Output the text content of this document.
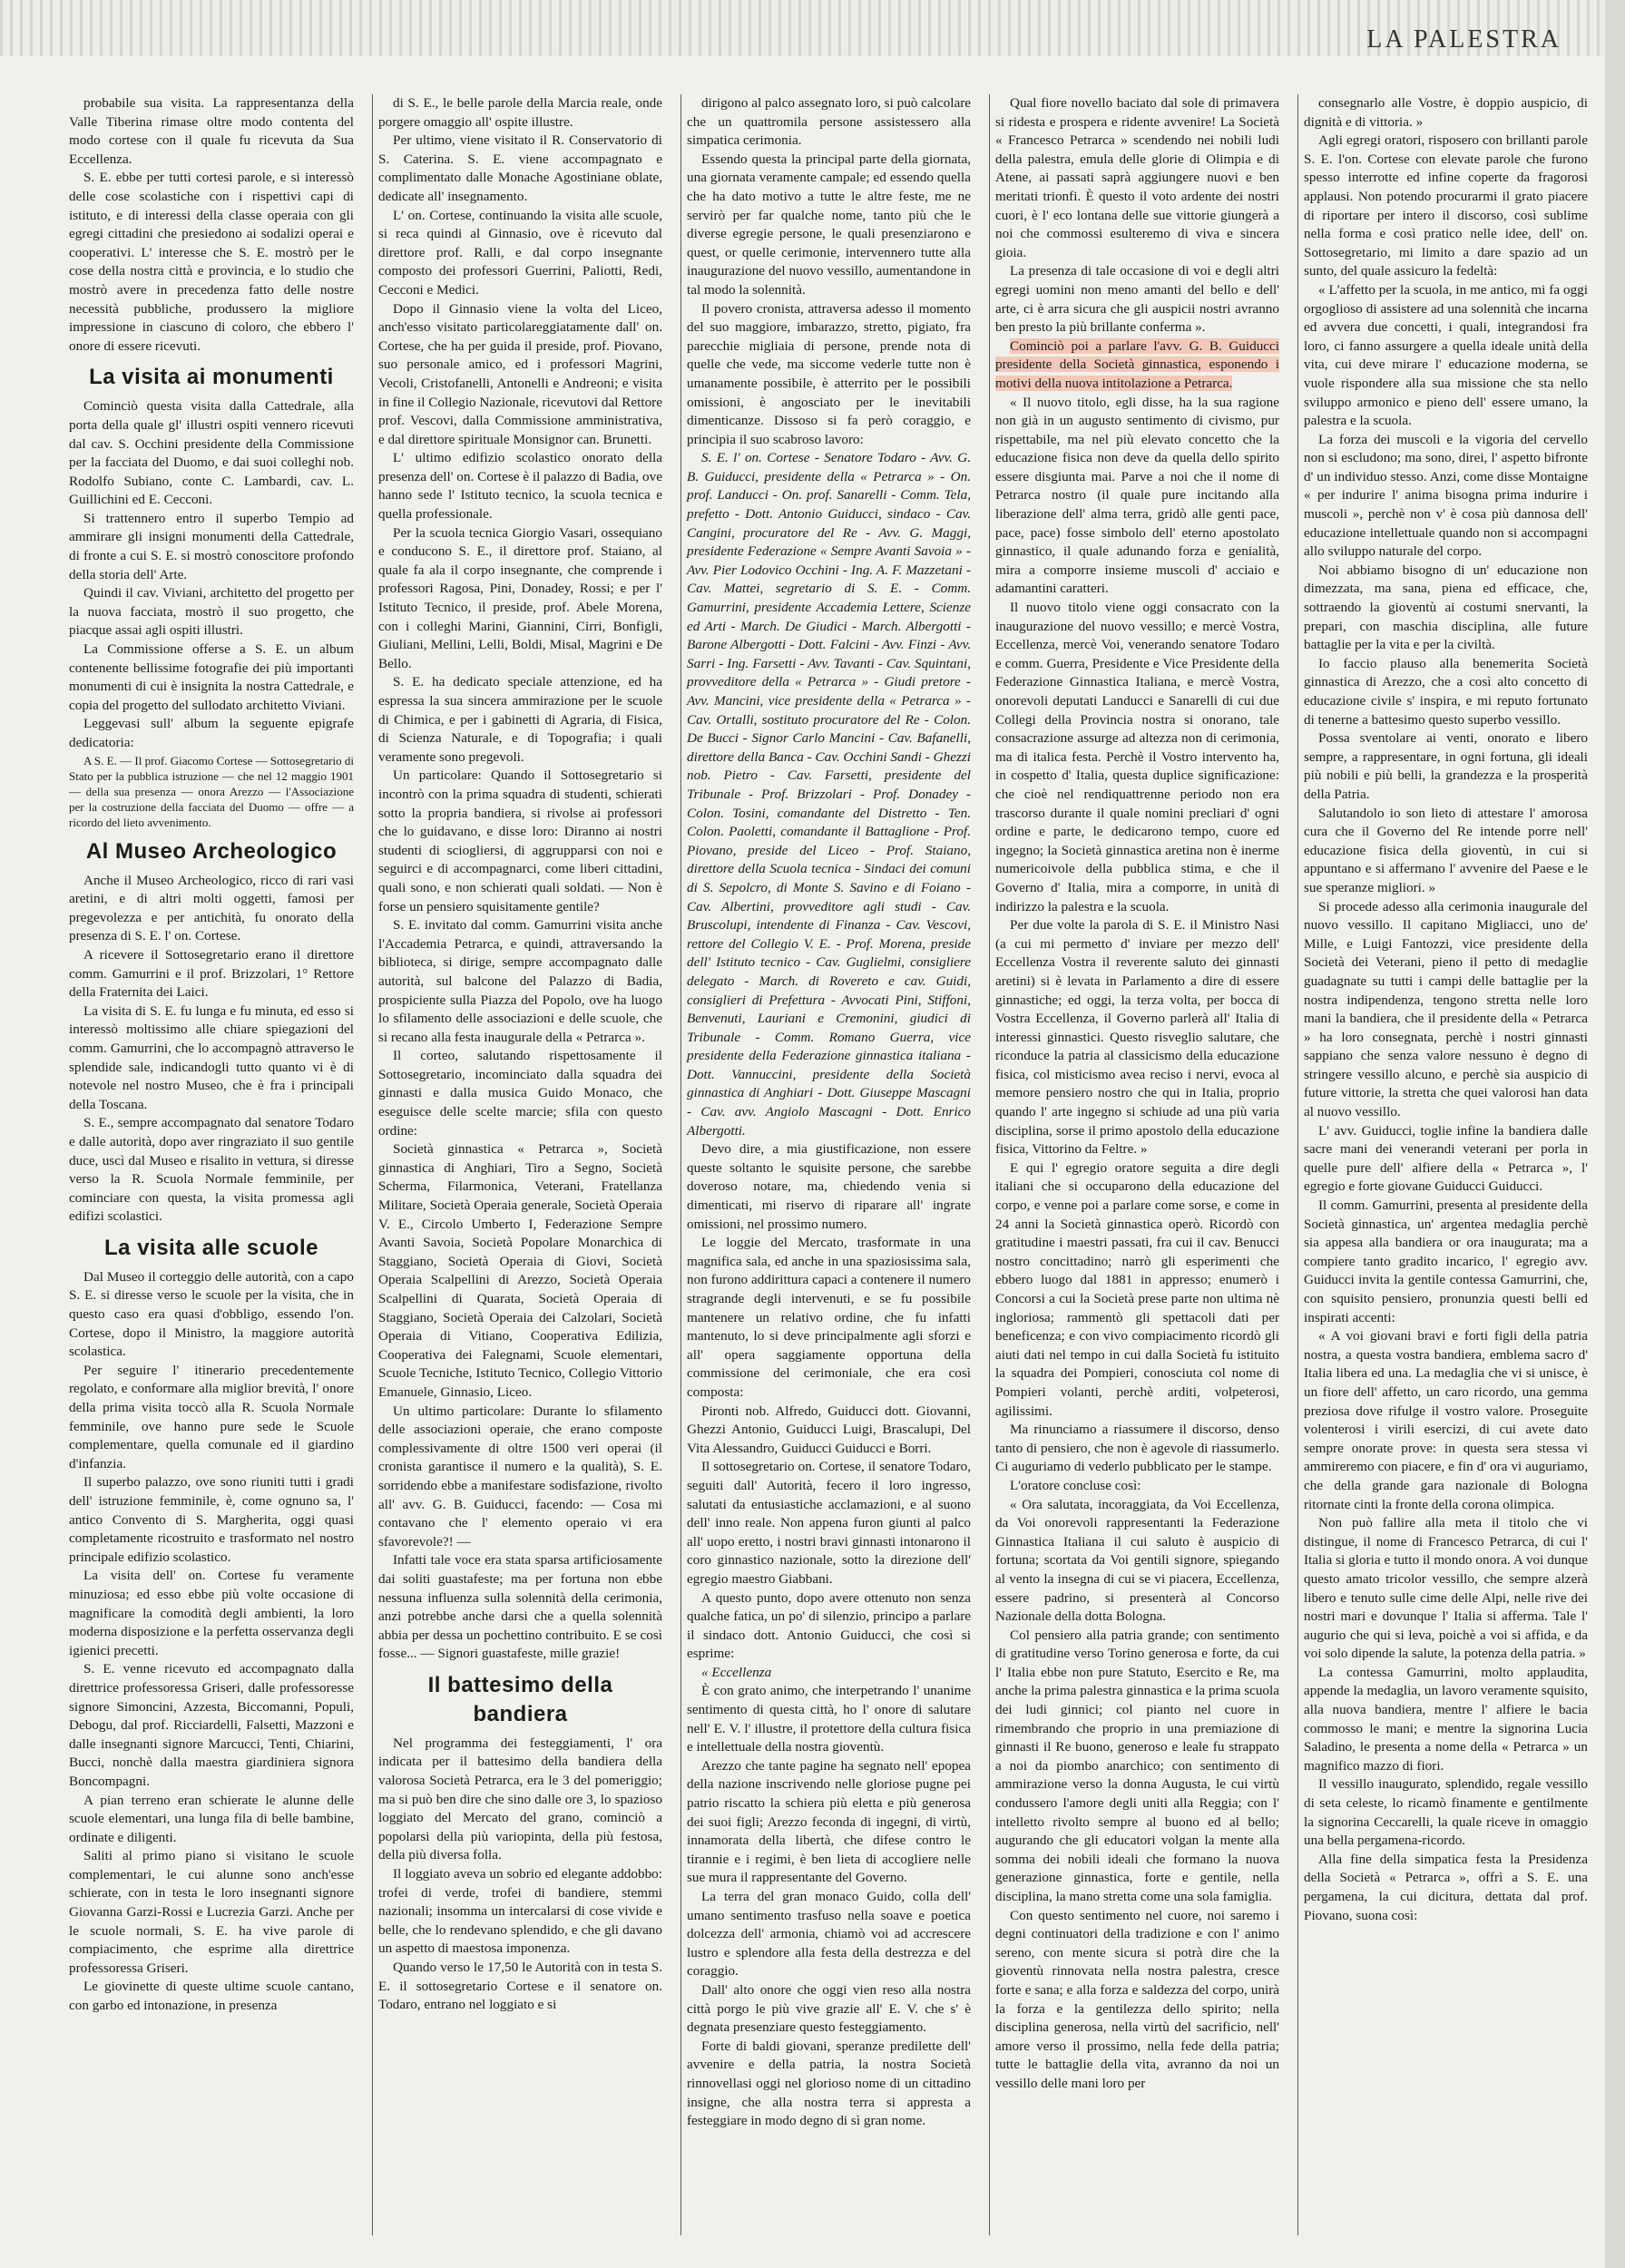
LA PALESTRA

probabile sua visita. La rappresentanza della Valle Tiberina rimase oltre modo contenta del modo cortese con il quale fu ricevuta da Sua Eccellenza.

S. E. ebbe per tutti cortesi parole, e si interessò delle cose scolastiche con i rispettivi capi di istituto, e di interessi della classe operaia con gli egregi cittadini che presiedono ai sodalizi operai e cooperativi. L' interesse che S. E. mostrò per le cose della nostra città e provincia, e lo studio che mostrò avere in precedenza fatto delle nostre necessità pubbliche, produssero la migliore impressione in ciascuno di coloro, che ebbero l' onore di essere ricevuti.

La visita ai monumenti

Cominciò questa visita dalla Cattedrale, alla porta della quale gl' illustri ospiti vennero ricevuti dal cav. S. Occhini presidente della Commissione per la facciata del Duomo, e dai suoi colleghi nob. Rodolfo Subiano, conte C. Lambardi, cav. L. Guillichini ed E. Cecconi.

Si trattennero entro il superbo Tempio ad ammirare gli insigni monumenti della Cattedrale, di fronte a cui S. E. si mostrò conoscitore profondo della storia dell' Arte.

Quindi il cav. Viviani, architetto del progetto per la nuova facciata, mostrò il suo progetto, che piacque assai agli ospiti illustri.

La Commissione offerse a S. E. un album contenente bellissime fotografie dei più importanti monumenti di cui è insignita la nostra Cattedrale, e copia del progetto del sullodato architetto Viviani.

Leggevasi sull' album la seguente epigrafe dedicatoria:

A S. E. — Il prof. Giacomo Cortese — Sottosegretario di Stato per la pubblica istruzione — che nel 12 maggio 1901 — della sua presenza — onora Arezzo — l'Associazione per la costruzione della facciata del Duomo — offre — a ricordo del lieto avvenimento.

Al Museo Archeologico

Anche il Museo Archeologico, ricco di rari vasi aretini, e di altri molti oggetti, famosi per pregevolezza e per antichità, fu onorato della presenza di S. E. l' on. Cortese.

A ricevere il Sottosegretario erano il direttore comm. Gamurrini e il prof. Brizzolari, 1° Rettore della Fraternita dei Laici.

La visita di S. E. fu lunga e fu minuta, ed esso si interessò moltissimo alle chiare spiegazioni del comm. Gamurrini, che lo accompagnò attraverso le splendide sale, indicandogli tutto quanto vi è di notevole nel nostro Museo, che è fra i principali della Toscana.

S. E., sempre accompagnato dal senatore Todaro e dalle autorità, dopo aver ringraziato il suo gentile duce, uscì dal Museo e risalito in vettura, si diresse verso la R. Scuola Normale femminile, per cominciare con questa, la visita promessa agli edifizi scolastici.

La visita alle scuole

Dal Museo il corteggio delle autorità, con a capo S. E. si diresse verso le scuole per la visita, che in questo caso era quasi d'obbligo, essendo l'on. Cortese, dopo il Ministro, la maggiore autorità scolastica.

Per seguire l' itinerario precedentemente regolato, e conformare alla miglior brevità, l' onore della prima visita toccò alla R. Scuola Normale femminile, ove hanno pure sede le Scuole complementare, quella comunale ed il giardino d'infanzia.

Il superbo palazzo, ove sono riuniti tutti i gradi dell' istruzione femminile, è, come ognuno sa, l' antico Convento di S. Margherita, oggi quasi completamente ricostruito e trasformato nel nostro principale edifizio scolastico.

La visita dell' on. Cortese fu veramente minuziosa; ed esso ebbe più volte occasione di magnificare la comodità degli ambienti, la loro moderna disposizione e la perfetta osservanza degli igienici precetti.

S. E. venne ricevuto ed accompagnato dalla direttrice professoressa Griseri, dalle professoresse signore Simoncini, Azzesta, Biccomanni, Populi, Debogu, dal prof. Ricciardelli, Falsetti, Mazzoni e dalle insegnanti signore Marcucci, Tenti, Chiarini, Bucci, nonchè dalla maestra giardiniera signora Boncompagni.

A pian terreno eran schierate le alunne delle scuole elementari, una lunga fila di belle bambine, ordinate e diligenti.

Saliti al primo piano si visitano le scuole complementari, le cui alunne sono anch'esse schierate, con in testa le loro insegnanti signore Giovanna Garzi-Rossi e Lucrezia Garzi. Anche per le scuole normali, S. E. ha vive parole di compiacimento, che esprime alla direttrice professoressa Griseri.

Le giovinette di queste ultime scuole cantano, con garbo ed intonazione, in presenza

di S. E., le belle parole della Marcia reale, onde porgere omaggio all' ospite illustre.

Per ultimo, viene visitato il R. Conservatorio di S. Caterina. S. E. viene accompagnato e complimentato dalle Monache Agostiniane oblate, dedicate all' insegnamento.

L' on. Cortese, continuando la visita alle scuole, si reca quindi al Ginnasio, ove è ricevuto dal direttore prof. Ralli, e dal corpo insegnante composto dei professori Guerrini, Paliotti, Redi, Cecconi e Medici.

Dopo il Ginnasio viene la volta del Liceo, anch'esso visitato particolareggiatamente dall' on. Cortese, che ha per guida il preside, prof. Piovano, suo personale amico, ed i professori Magrini, Vecoli, Cristofanelli, Antonelli e Andreoni; e visita in fine il Collegio Nazionale, ricevutovi dal Rettore prof. Vescovi, dalla Commissione amministrativa, e dal direttore spirituale Monsignor can. Brunetti.

L' ultimo edifizio scolastico onorato della presenza dell' on. Cortese è il palazzo di Badia, ove hanno sede l' Istituto tecnico, la scuola tecnica e quella professionale.

Per la scuola tecnica Giorgio Vasari, ossequiano e conducono S. E., il direttore prof. Staiano, al quale fa ala il corpo insegnante, che comprende i professori Ragosa, Pini, Donadey, Rossi; e per l' Istituto Tecnico, il preside, prof. Abele Morena, con i colleghi Marini, Giannini, Cirri, Bonfigli, Giuliani, Mellini, Lelli, Boldi, Misal, Magrini e De Bello.

S. E. ha dedicato speciale attenzione, ed ha espressa la sua sincera ammirazione per le scuole di Chimica, e per i gabinetti di Agraria, di Fisica, di Scienza Naturale, e di Topografia; i quali veramente sono pregevoli.

Un particolare: Quando il Sottosegretario si incontrò con la prima squadra di studenti, schierati sotto la propria bandiera, si rivolse ai professori che lo guidavano, e disse loro: Diranno ai nostri studenti di sciogliersi, di aggrupparsi con noi e seguirci e di accompagnarci, come liberi cittadini, quali sono, e non schierati quali soldati. — Non è forse un pensiero squisitamente gentile?

S. E. invitato dal comm. Gamurrini visita anche l'Accademia Petrarca, e quindi, attraversando la biblioteca, si dirige, sempre accompagnato dalle autorità, sul balcone del Palazzo di Badia, prospiciente sulla Piazza del Popolo, ove ha luogo lo sfilamento delle associazioni e delle scuole, che si recano alla festa inaugurale della « Petrarca ».

Il corteo, salutando rispettosamente il Sottosegretario, incominciato dalla squadra dei ginnasti e dalla musica Guido Monaco, che eseguisce delle scelte marcie; sfila con questo ordine:

Società ginnastica « Petrarca », Società ginnastica di Anghiari, Tiro a Segno, Società Scherma, Filarmonica, Veterani, Fratellanza Militare, Società Operaia generale, Società Operaia V. E., Circolo Umberto I, Federazione Sempre Avanti Savoia, Società Popolare Monarchica di Staggiano, Società Operaia di Giovi, Società Operaia Scalpellini di Arezzo, Società Operaia Scalpellini di Quarata, Società Operaia di Staggiano, Società Operaia dei Calzolari, Società Operaia di Vitiano, Cooperativa Edilizia, Cooperativa dei Falegnami, Scuole elementari, Scuole Tecniche, Istituto Tecnico, Collegio Vittorio Emanuele, Ginnasio, Liceo.

Un ultimo particolare: Durante lo sfilamento delle associazioni operaie, che erano composte complessivamente di oltre 1500 veri operai (il cronista garantisce il numero e la qualità), S. E. sorridendo ebbe a manifestare sodisfazione, rivolto all' avv. G. B. Guiducci, facendo: — Cosa mi contavano che l' elemento operaio vi era sfavorevole?! —

Infatti tale voce era stata sparsa artificiosamente dai soliti guastafeste; ma per fortuna non ebbe nessuna influenza sulla solennità della cerimonia, anzi potrebbe anche darsi che a quella solennità abbia per dessa un pochettino contribuito. E se così fosse... — Signori guastafeste, mille grazie!

Il battesimo della bandiera

Nel programma dei festeggiamenti, l' ora indicata per il battesimo della bandiera della valorosa Società Petrarca, era le 3 del pomeriggio; ma si può ben dire che sino dalle ore 3, lo spazioso loggiato del Mercato del grano, cominciò a popolarsi della più variopinta, della più festosa, della più diversa folla.

Il loggiato aveva un sobrio ed elegante addobbo: trofei di verde, trofei di bandiere, stemmi nazionali; insomma un intercalarsi di cose vivide e belle, che lo rendevano splendido, e che gli davano un aspetto di maestosa imponenza.

Quando verso le 17,50 le Autorità con in testa S. E. il sottosegretario Cortese e il senatore on. Todaro, entrano nel loggiato e si

dirigono al palco assegnato loro, si può calcolare che un quattromila persone assistessero alla simpatica cerimonia.

Essendo questa la principal parte della giornata, una giornata veramente campale; ed essendo quella che ha dato motivo a tutte le altre feste, me ne servirò per far qualche nome, tanto più che le diverse egregie persone, le quali presenziarono e quest, or quelle cerimonie, intervennero tutte alla inaugurazione del nuovo vessillo, aumentandone in tal modo la solennità.

Il povero cronista, attraversa adesso il momento del suo maggiore, imbarazzo, stretto, pigiato, fra parecchie migliaia di persone, prende nota di quelle che vede, ma siccome vederle tutte non è umanamente possibile, è atterrito per le possibili omissioni, è angosciato per le inevitabili dimenticanze. Dissoso si fa però coraggio, e principia il suo scabroso lavoro:

S. E. l' on. Cortese - Senatore Todaro - Avv. G. B. Guiducci, presidente della « Petrarca » - On. prof. Landucci - On. prof. Sanarelli - Comm. Tela, prefetto - Dott. Antonio Guiducci, sindaco - Cav. Cangini, procuratore del Re - Avv. G. Maggi, presidente Federazione « Sempre Avanti Savoia » - Avv. Pier Lodovico Occhini - Ing. A. F. Mazzetani - Cav. Mattei, segretario di S. E. - Comm. Gamurrini, presidente Accademia Lettere, Scienze ed Arti - March. De Giudici - March. Albergotti - Barone Albergotti - Dott. Falcini - Avv. Finzi - Avv. Sarri - Ing. Farsetti - Avv. Tavanti - Cav. Squintani, provveditore della « Petrarca » - Giudi pretore - Avv. Mancini, vice presidente della « Petrarca » - Cav. Ortalli, sostituto procuratore del Re - Colon. De Bucci - Signor Carlo Mancini - Cav. Bafanelli, direttore della Banca - Cav. Occhini Sandi - Ghezzi nob. Pietro - Cav. Farsetti, presidente del Tribunale - Prof. Brizzolari - Prof. Donadey - Colon. Tosini, comandante del Distretto - Ten. Colon. Paoletti, comandante il Battaglione - Prof. Piovano, preside del Liceo - Prof. Staiano, direttore della Scuola tecnica - Sindaci dei comuni di S. Sepolcro, di Monte S. Savino e di Foiano - Cav. Albertini, provveditore agli studi - Cav. Bruscolupi, intendente di Finanza - Cav. Vescovi, rettore del Collegio V. E. - Prof. Morena, preside dell' Istituto tecnico - Cav. Guglielmi, consigliere delegato - March. di Rovereto e cav. Guidi, consiglieri di Prefettura - Avvocati Pini, Stiffoni, Benvenuti, Lauriani e Cremonini, giudici di Tribunale - Comm. Romano Guerra, vice presidente della Federazione ginnastica italiana - Dott. Vannuccini, presidente della Società ginnastica di Anghiari - Dott. Giuseppe Mascagni - Cav. avv. Angiolo Mascagni - Dott. Enrico Albergotti.

Devo dire, a mia giustificazione, non essere queste soltanto le squisite persone, che sarebbe doveroso notare, ma, chiedendo venia si dimenticati, mi riservo di riparare all' ingrate omissioni, nel prossimo numero.

Le loggie del Mercato, trasformate in una magnifica sala, ed anche in una spaziosissima sala, non furono addirittura capaci a contenere il numero stragrande degli intervenuti, e se fu possibile mantenere un relativo ordine, che fu infatti mantenuto, lo si deve principalmente agli sforzi e all' opera saggiamente opportuna della commissione del cerimoniale, che era così composta:

Pironti nob. Alfredo, Guiducci dott. Giovanni, Ghezzi Antonio, Guiducci Luigi, Brascalupi, Del Vita Alessandro, Guiducci Guiducci e Borri.

Il sottosegretario on. Cortese, il senatore Todaro, seguiti dall' Autorità, fecero il loro ingresso, salutati da entusiastiche acclamazioni, e al suono dell' inno reale. Non appena furon giunti al palco all' uopo eretto, i nostri bravi ginnasti intonarono il coro ginnastico nazionale, sotto la direzione dell' egregio maestro Giabbani.

A questo punto, dopo avere ottenuto non senza qualche fatica, un po' di silenzio, principo a parlare il sindaco dott. Antonio Guiducci, che così si esprime:

« Eccellenza

È con grato animo, che interpetrando l' unanime sentimento di questa città, ho l' onore di salutare nell' E. V. l' illustre, il protettore della cultura fisica e intellettuale della nostra gioventù.

Arezzo che tante pagine ha segnato nell' epopea della nazione inscrivendo nelle gloriose pugne pei patrio riscatto la schiera più eletta e più generosa dei suoi figli; Arezzo feconda di ingegni, di virtù, innamorata della libertà, che difese contro le tirannie e i regimi, è ben lieta di accogliere nelle sue mura il rappresentante del Governo.

La terra del gran monaco Guido, colla dell' umano sentimento trasfuso nella soave e poetica dolcezza dell' armonia, chiamò voi ad accrescere lustro e splendore alla festa della destrezza e del coraggio.

Dall' alto onore che oggi vien reso alla nostra città porgo le più vive grazie all' E. V. che s' è degnata presenziare questo festeggiamento.

Forte di baldi giovani, speranze predilette dell' avvenire e della patria, la nostra Società rinnovellasi oggi nel glorioso nome di un cittadino insigne, che alla nostra terra si appresta a festeggiare in modo degno di sì gran nome.

Qual fiore novello baciato dal sole di primavera si ridesta e prospera e ridente avvenire! La Società « Francesco Petrarca » scendendo nei nobili ludi della palestra, emula delle glorie di Olimpia e di Atene, ai passati saprà aggiungere nuovi e ben meritati trionfi. È questo il voto ardente dei nostri cuori, è l' eco lontana delle sue vittorie giungerà a noi che commossi esulteremo di viva e sincera gioia.

La presenza di tale occasione di voi e degli altri egregi uomini non meno amanti del bello e dell' arte, ci è arra sicura che gli auspicii nostri avranno ben presto la più brillante conferma ».

Cominciò poi a parlare l'avv. G. B. Guiducci presidente della Società ginnastica, esponendo i motivi della nuova intitolazione a Petrarca.

« Il nuovo titolo, egli disse, ha la sua ragione non già in un augusto sentimento di civismo, pur rispettabile, ma nel più elevato concetto che la educazione fisica non deve da quella dello spirito essere disgiunta mai. Parve a noi che il nome di Petrarca nostro (il quale pure incitando alla liberazione dell' alma terra, gridò alle genti pace, pace, pace) fosse simbolo dell' eterno apostolato ginnastico, il quale adunando forza e genialità, mira a comporre insieme muscoli d' acciaio e adamantini caratteri.

Il nuovo titolo viene oggi consacrato con la inaugurazione del nuovo vessillo; e mercè Vostra, Eccellenza, mercè Voi, venerando senatore Todaro e comm. Guerra, Presidente e Vice Presidente della Federazione Ginnastica Italiana, e mercè Vostra, onorevoli deputati Landucci e Sanarelli di cui due Collegi della Provincia nostra si onorano, tale consacrazione assurge ad altezza non di cerimonia, ma di italica festa. Perchè il Vostro intervento ha, in cospetto d' Italia, questa duplice significazione: che cioè nel rendiquattrenne periodo non era trascorso durante il quale nomini precliari d' ogni ordine e parte, le dedicarono tempo, cuore ed ingegno; la Società ginnastica aretina non è inerme numericoivole della pubblica stima, e che il Governo d' Italia, mira a comporre, in unità di indirizzo la palestra e la scuola.

Per due volte la parola di S. E. il Ministro Nasi (a cui mi permetto d' inviare per mezzo dell' Eccellenza Vostra il reverente saluto dei ginnasti aretini) si è levata in Parlamento a dire di essere ginnastiche; ed oggi, la terza volta, per bocca di Vostra Eccellenza, il Governo parlerà all' Italia di interessi ginnastici. Questo risveglio salutare, che riconduce la patria al classicismo della educazione fisica, col misticismo avea reciso i nervi, evoca al memore pensiero nostro che qui in Italia, proprio quando l' arte ingegno si schiude ad una più varia disciplina, sorse il primo apostolo della educazione fisica, Vittorino da Feltre. »

E qui l' egregio oratore seguita a dire degli italiani che si occuparono della educazione del corpo, e venne poi a parlare come sorse, e come in 24 anni la Società ginnastica operò. Ricordò con gratitudine i maestri passati, fra cui il cav. Benucci nostro concittadino; narrò gli esperimenti che ebbero luogo dal 1881 in appresso; enumerò i Concorsi a cui la Società prese parte non ultima nè ingloriosa; rammentò gli spettacoli dati per beneficenza; e con vivo compiacimento ricordò gli aiuti dati nel tempo in cui dalla Società fu istituito la squadra dei Pompieri, conosciuta col nome di Pompieri volanti, perchè arditi, volpeterosi, agilissimi.

Ma rinunciamo a riassumere il discorso, denso tanto di pensiero, che non è agevole di riassumerlo. Ci auguriamo di vederlo pubblicato per le stampe.

L'oratore concluse così:

« Ora salutata, incoraggiata, da Voi Eccellenza, da Voi onorevoli rappresentanti la Federazione Ginnastica Italiana il cui saluto è auspicio di fortuna; scortata da Voi gentili signore, spiegando al vento la insegna di cui se vi piacera, Eccellenza, essere padrino, si presenterà al Concorso Nazionale della dotta Bologna.

Col pensiero alla patria grande; con sentimento di gratitudine verso Torino generosa e forte, da cui l' Italia ebbe non pure Statuto, Esercito e Re, ma anche la prima palestra ginnastica e la prima scuola dei ludi ginnici; col pianto nel cuore in rimembrando che proprio in una premiazione di ginnasti il Re buono, generoso e leale fu strappato a noi da piombo anarchico; con sentimento di ammirazione verso la donna Augusta, le cui virtù condussero l'amore degli uniti alla Reggia; con l' intelletto rivolto sempre al buono ed al bello; augurando che gli educatori volgan la mente alla somma dei nobili ideali che formano la nuova generazione ginnastica, forte e gentile, nella disciplina, la mano stretta come una sola famiglia.

Con questo sentimento nel cuore, noi saremo i degni continuatori della tradizione e con l' animo sereno, con mente sicura si potrà dire che la gioventù rinnovata nella nostra palestra, cresce forte e sana; e alla forza e saldezza del corpo, unirà la forza e la gentilezza dello spirito; nella disciplina generosa, nella virtù del sacrificio, nell' amore verso il prossimo, nella fede della patria; tutte le battaglie della vita, avranno da noi un vessillo delle mani loro per

consegnarlo alle Vostre, è doppio auspicio, di dignità e di vittoria. »

Agli egregi oratori, risposero con brillanti parole S. E. l'on. Cortese con elevate parole che furono spesso interrotte ed infine coperte da fragorosi applausi. Non potendo procurarmi il grato piacere di riportare per intero il discorso, così sublime nella forma e così pratico nelle idee, dell' on. Sottosegretario, mi limito a dare spazio ad un sunto, del quale assicuro la fedeltà:

« L'affetto per la scuola, in me antico, mi fa oggi orgoglioso di assistere ad una solennità che incarna ed avvera due concetti, i quali, integrandosi fra loro, ci fanno assurgere a quella ideale unità della vita, cui deve mirare l' educazione moderna, se vuole rispondere alla sua missione che sta nello sviluppo armonico e pieno dell' essere umano, la palestra e la scuola.

La forza dei muscoli e la vigoria del cervello non si escludono; ma sono, direi, l' aspetto bifronte d' un individuo stesso. Anzi, come disse Montaigne « per indurire l' anima bisogna prima indurire i muscoli », perchè non v' è cosa più dannosa dell' educazione intellettuale quando non si accompagni allo sviluppo naturale del corpo.

Noi abbiamo bisogno di un' educazione non dimezzata, ma sana, piena ed efficace, che, sottraendo la gioventù ai costumi snervanti, la prepari, con maschia disciplina, alle future battaglie per la vita e per la civiltà.

Io faccio plauso alla benemerita Società ginnastica di Arezzo, che a così alto concetto di educazione civile s' inspira, e mi reputo fortunato di tenerne a battesimo questo superbo vessillo.

Possa sventolare ai venti, onorato e libero sempre, a rappresentare, in ogni fortuna, gli ideali più nobili e più belli, la grandezza e la prosperità della Patria.

Salutandolo io son lieto di attestare l' amorosa cura che il Governo del Re intende porre nell' educazione fisica della gioventù, in cui si appuntano e si affermano l' avvenire del Paese e le sue speranze migliori. »

Si procede adesso alla cerimonia inaugurale del nuovo vessillo. Il capitano Migliacci, uno de' Mille, e Luigi Fantozzi, vice presidente della Società dei Veterani, pieno il petto di medaglie guadagnate su tutti i campi delle battaglie per la nostra indipendenza, tengono stretta nelle loro mani la bandiera, che il presidente della « Petrarca » ha loro consegnata, perchè i nostri ginnasti sappiano che senza valore nessuno è degno di stringere vessillo alcuno, e perchè sia auspicio di future vittorie, la stretta che quei valorosi han data al nuovo vessillo.

L' avv. Guiducci, toglie infine la bandiera dalle sacre mani dei venerandi veterani per porla in quelle pure dell' alfiere della « Petrarca », l' egregio e forte giovane Guiducci Guiducci.

Il comm. Gamurrini, presenta al presidente della Società ginnastica, un' argentea medaglia perchè sia appesa alla bandiera or ora inaugurata; ma a compiere tanto gradito incarico, l' egregio avv. Guiducci invita la gentile contessa Gamurrini, che, con squisito pensiero, pronunzia questi belli ed inspirati accenti:

« A voi giovani bravi e forti figli della patria nostra, a questa vostra bandiera, emblema sacro d' Italia libera ed una. La medaglia che vi si unisce, è un fiore dell' affetto, un caro ricordo, una gemma preziosa dove rifulge il vostro valore. Proseguite volenterosi i virili esercizi, di cui avete dato sempre onorate prove: in questa sera stessa vi ammireremo con piacere, e fin d' ora vi auguriamo, che della grande gara nazionale di Bologna ritornate cinti la fronte della corona olimpica.

Non può fallire alla meta il titolo che vi distingue, il nome di Francesco Petrarca, di cui l' Italia si gloria e tutto il mondo onora. A voi dunque questo amato tricolor vessillo, che sempre alzerà libero e tenuto sulle cime delle Alpi, nelle rive dei nostri mari e dovunque l' Italia si afferma. Tale l' augurio che qui si leva, poichè a voi si affida, e da voi solo dipende la salute, la potenza della patria. »

La contessa Gamurrini, molto applaudita, appende la medaglia, un lavoro veramente squisito, alla nuova bandiera, mentre l' alfiere le bacia commosso le mani; e mentre la signorina Lucia Saladino, le presenta a nome della « Petrarca » un magnifico mazzo di fiori.

Il vessillo inaugurato, splendido, regale vessillo di seta celeste, lo ricamò finamente e gentilmente la signorina Ceccarelli, la quale riceve in omaggio una bella pergamena-ricordo.

Alla fine della simpatica festa la Presidenza della Società « Petrarca », offrì a S. E. una pergamena, la cui dicitura, dettata dal prof. Piovano, suona così:
